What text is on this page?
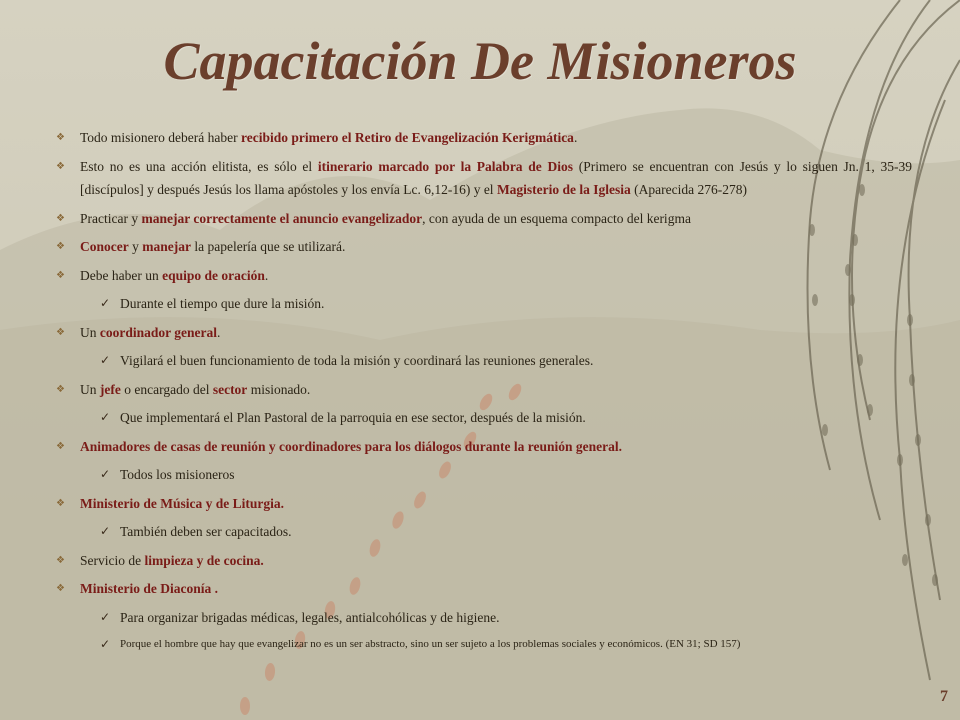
Capacitación De Misioneros
❖ Todo misionero deberá haber recibido primero el Retiro de Evangelización Kerigmática.
❖ Esto no es una acción elitista, es sólo el itinerario marcado por la Palabra de Dios (Primero se encuentran con Jesús y lo siguen Jn. 1, 35-39 [discípulos] y después Jesús los llama apóstoles y los envía Lc. 6,12-16) y el Magisterio de la Iglesia (Aparecida 276-278)
❖ Practicar y manejar correctamente el anuncio evangelizador, con ayuda de un esquema compacto del kerigma
❖ Conocer y manejar la papelería que se utilizará.
❖ Debe haber un equipo de oración.
✓ Durante el tiempo que dure la misión.
❖ Un coordinador general.
✓ Vigilará el buen funcionamiento de toda la misión y coordinará las reuniones generales.
❖ Un jefe o encargado del sector misionado.
✓ Que implementará el Plan Pastoral de la parroquia en ese sector, después de la misión.
❖ Animadores de casas de reunión y coordinadores para los diálogos durante la reunión general.
✓ Todos los misioneros
❖ Ministerio de Música y de Liturgia.
✓ También deben ser capacitados.
❖ Servicio de limpieza y de cocina.
❖ Ministerio de Diaconía .
✓ Para organizar brigadas médicas, legales, antialcohólicas y de higiene.
✓ Porque el hombre que hay que evangelizar no es un ser abstracto, sino un ser sujeto a los problemas sociales y económicos. (EN 31; SD 157)
7
